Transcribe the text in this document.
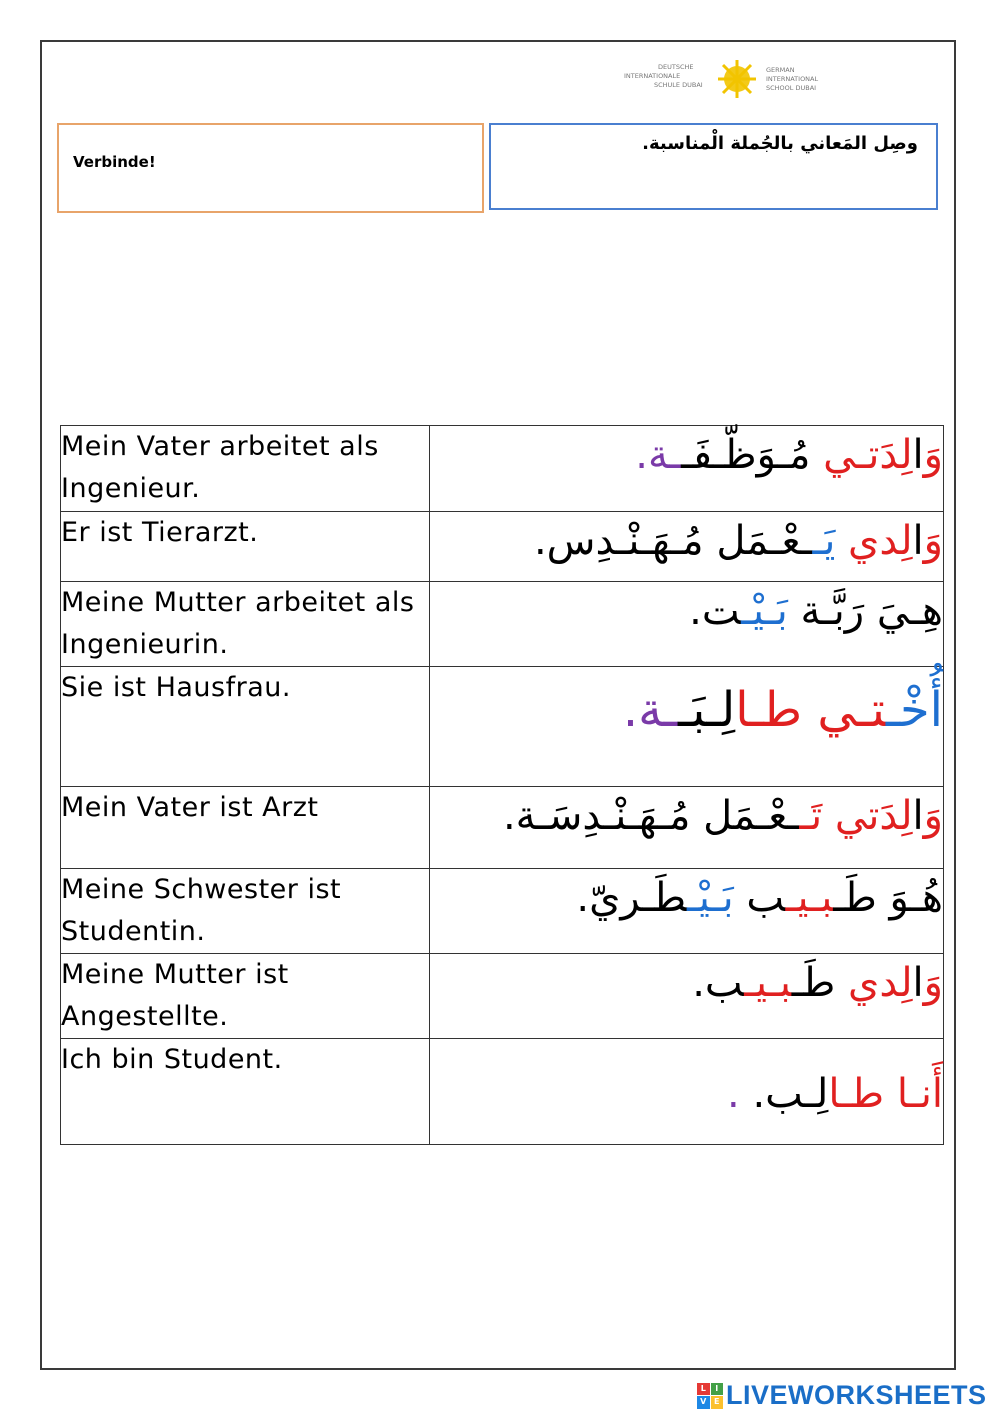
DEUTSCHE
INTERNATIONALE
SCHULE DUBAI
GERMAN
INTERNATIONAL
SCHOOL DUBAI
Verbinde!
وصِل المَعاني بالجُملة الْمناسبة.
Mein Vater arbeitet als Ingenieur.	وَالِدَتـي مُـوَظّـفَــة.
Er ist Tierarzt.	وَالِدي يَــعْـمَل مُـهَـنْـدِس.
Meine Mutter arbeitet als Ingenieurin.	هِـيَ رَبَّـة بَـيْـت.
Sie ist Hausfrau.	أُخْـتـي طـالِـبَــة.
Mein Vater ist Arzt	وَالِدَتي تَــعْـمَل مُـهَـنْـدِسَـة.
Meine Schwester ist Studentin.	هُـوَ طَـبـيـب بَـيْـطَـريّ.
Meine Mutter ist Angestellte.	وَالِدي طَـبـيـب.
Ich bin Student.	أَنـا طـالِـب. .
L	I
V E LIVEWORKSHEETS
